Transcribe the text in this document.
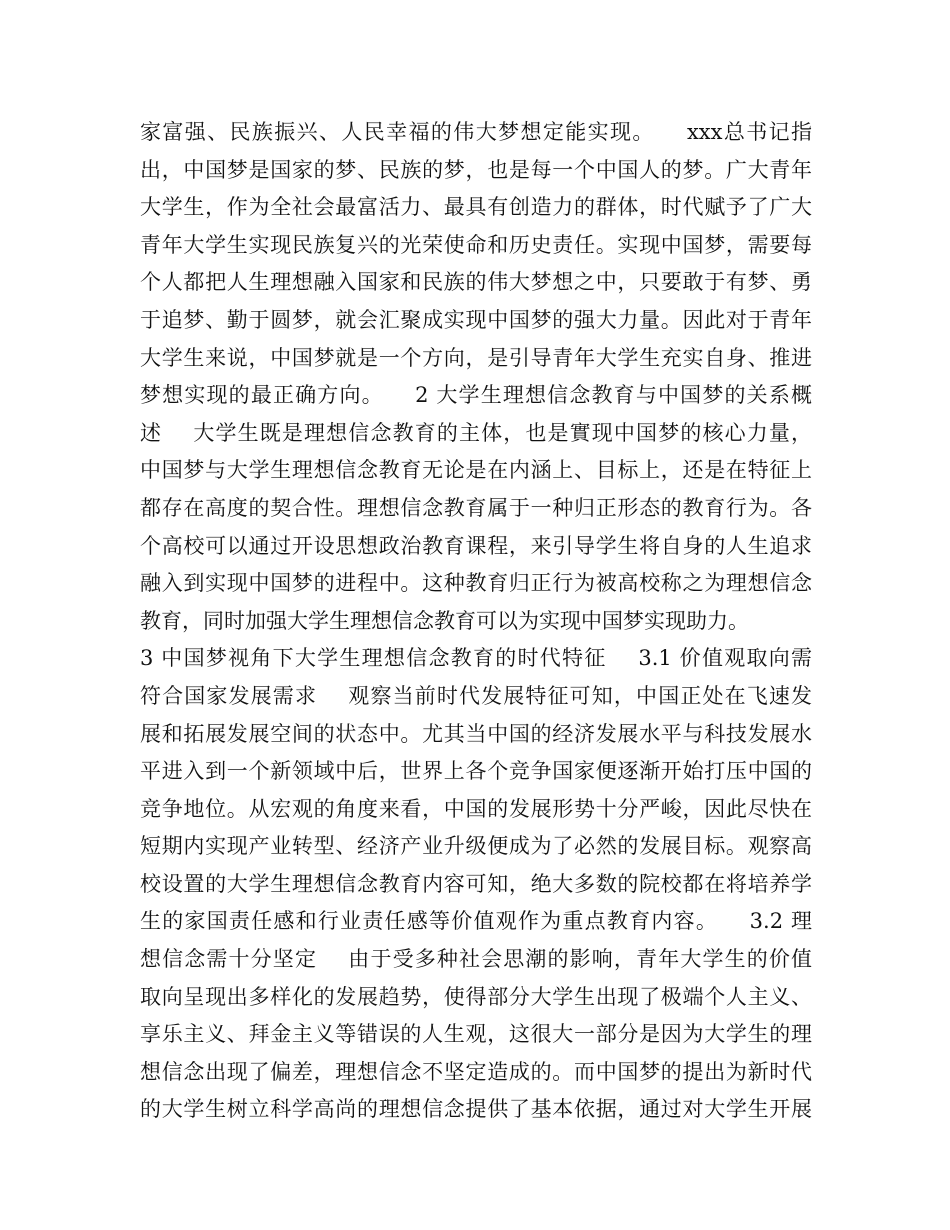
家富强、民族振兴、人民幸福的伟大梦想定能实现。    xxx总书记指
出，中国梦是国家的梦、民族的梦，也是每一个中国人的梦。广大青年
大学生，作为全社会最富活力、最具有创造力的群体，时代赋予了广大
青年大学生实现民族复兴的光荣使命和历史责任。实现中国梦，需要每
个人都把人生理想融入国家和民族的伟大梦想之中，只要敢于有梦、勇
于追梦、勤于圆梦，就会汇聚成实现中国梦的强大力量。因此对于青年
大学生来说，中国梦就是一个方向，是引导青年大学生充实自身、推进
梦想实现的最正确方向。    2 大学生理想信念教育与中国梦的关系概
述    大学生既是理想信念教育的主体，也是實现中国梦的核心力量，
中国梦与大学生理想信念教育无论是在内涵上、目标上，还是在特征上
都存在高度的契合性。理想信念教育属于一种归正形态的教育行为。各
个高校可以通过开设思想政治教育课程，来引导学生将自身的人生追求
融入到实现中国梦的进程中。这种教育归正行为被高校称之为理想信念
教育，同时加强大学生理想信念教育可以为实现中国梦实现助力。
3 中国梦视角下大学生理想信念教育的时代特征    3.1 价值观取向需
符合国家发展需求    观察当前时代发展特征可知，中国正处在飞速发
展和拓展发展空间的状态中。尤其当中国的经济发展水平与科技发展水
平进入到一个新领域中后，世界上各个竞争国家便逐渐开始打压中国的
竞争地位。从宏观的角度来看，中国的发展形势十分严峻，因此尽快在
短期内实现产业转型、经济产业升级便成为了必然的发展目标。观察高
校设置的大学生理想信念教育内容可知，绝大多数的院校都在将培养学
生的家国责任感和行业责任感等价值观作为重点教育内容。    3.2 理
想信念需十分坚定    由于受多种社会思潮的影响，青年大学生的价值
取向呈现出多样化的发展趋势，使得部分大学生出现了极端个人主义、
享乐主义、拜金主义等错误的人生观，这很大一部分是因为大学生的理
想信念出现了偏差，理想信念不坚定造成的。而中国梦的提出为新时代
的大学生树立科学高尚的理想信念提供了基本依据，通过对大学生开展
